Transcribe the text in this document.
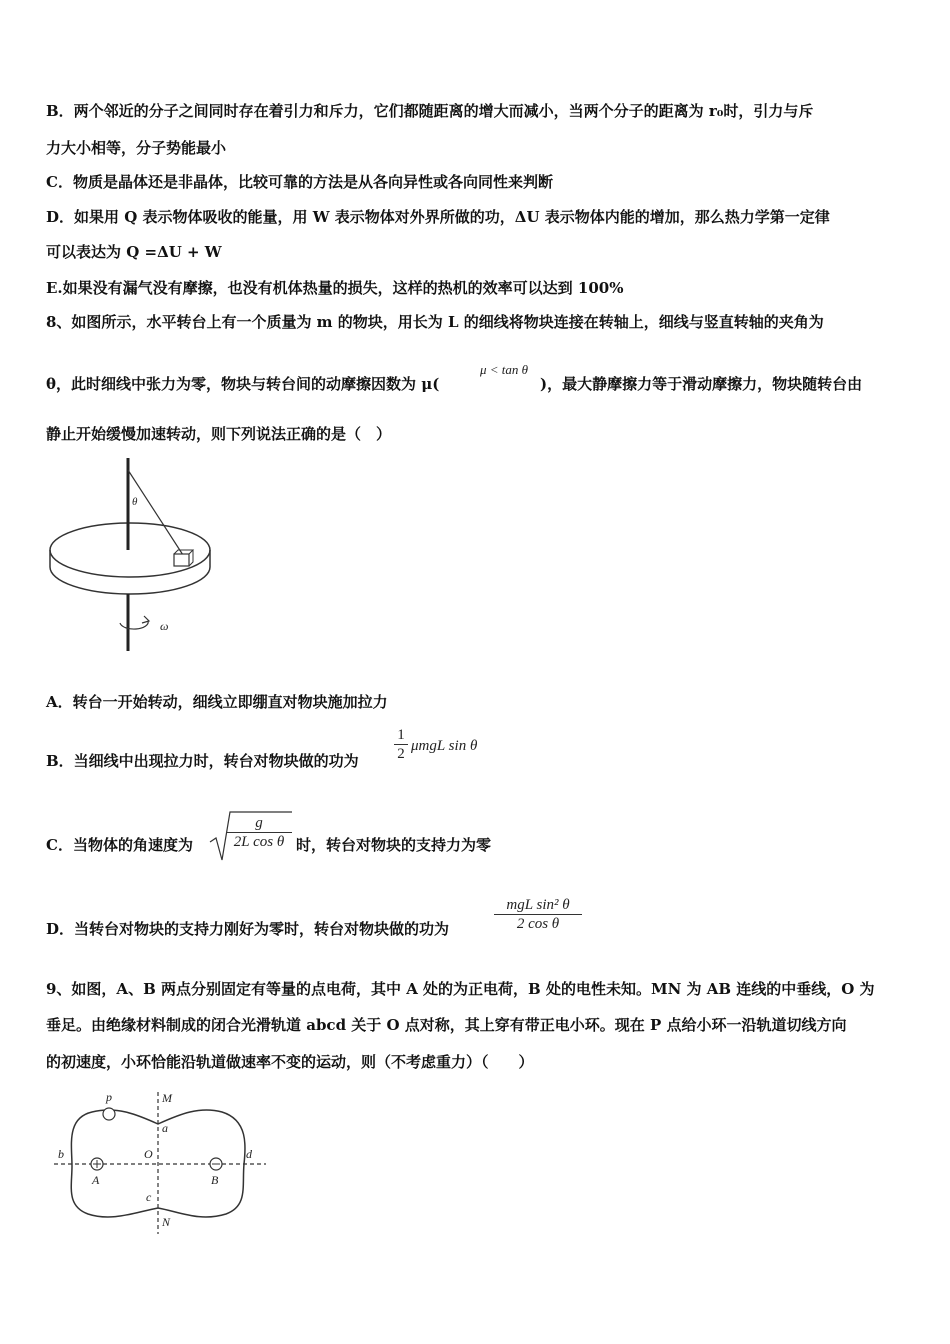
B．两个邻近的分子之间同时存在着引力和斥力，它们都随距离的增大而减小，当两个分子的距离为 r₀时，引力与斥
力大小相等，分子势能最小
C．物质是晶体还是非晶体，比较可靠的方法是从各向异性或各向同性来判断
D．如果用 Q 表示物体吸收的能量，用 W 表示物体对外界所做的功，ΔU 表示物体内能的增加，那么热力学第一定律
可以表达为 Q =ΔU + W
E.如果没有漏气没有摩擦，也没有机体热量的损失，这样的热机的效率可以达到 100%
8、如图所示，水平转台上有一个质量为 m 的物块，用长为 L 的细线将物块连接在转轴上，细线与竖直转轴的夹角为
θ，此时细线中张力为零，物块与转台间的动摩擦因数为 μ(
μ < tan θ
)，最大静摩擦力等于滑动摩擦力，物块随转台由
静止开始缓慢加速转动，则下列说法正确的是（　）
θ
ω
A．转台一开始转动，细线立即绷直对物块施加拉力
B．当细线中出现拉力时，转台对物块做的功为 $\frac{1}{2}$ μmgL sin θ
C．当物体的角速度为 $\frac{g}{\text{2L cos θ}}$ 时，转台对物块的支持力为零
D．当转台对物块的支持力刚好为零时，转台对物块做的功为
mgL sin² θ
2 cos θ
9、如图，A、B 两点分别固定有等量的点电荷，其中 A 处的为正电荷，B 处的电性未知。MN 为 AB 连线的中垂线，O 为
垂足。由绝缘材料制成的闭合光滑轨道 abcd 关于 O 点对称，其上穿有带正电小环。现在 P 点给小环一沿轨道切线方向
的初速度，小环恰能沿轨道做速率不变的运动，则（不考虑重力）（　　）
p	M
a
b	O	d
A	B
c
N
